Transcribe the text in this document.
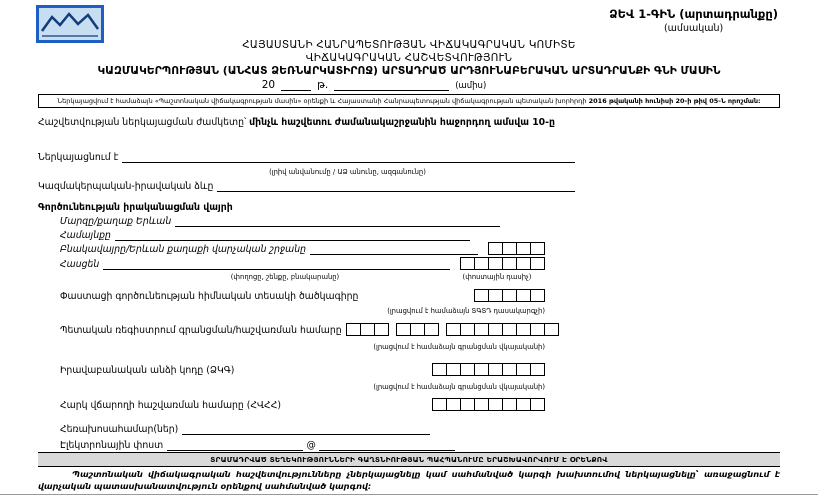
ՁԵՎ 1-ԳԻՆ (արտադրանքը)
(ամսական)
ՀԱՅԱՍՏԱՆԻ ՀԱՆՐԱՊԵՏՈՒԹՅԱՆ ՎԻՃԱԿԱԳՐԱԿԱՆ ԿՈՄԻՏԵ
ՎԻՃԱԿԱԳՐԱԿԱՆ ՀԱՇՎԵՏՎՈՒԹՅՈՒՆ
ԿԱԶՄԱԿԵՐՊՈՒԹՅԱՆ (ԱՆՀԱՏ ՁԵՌՆԱՐԿԱՏԻՐՈՋ) ԱՐՏԱԴՐԱԾ ԱՐԴՅՈՒՆԱԲԵՐԱԿԱՆ ԱՐՏԱԴՐԱՆՔԻ ԳՆԻ ՄԱՍԻՆ
20	թ.	(ամիս)
Ներկայացվում է համաձայն «Պաշտոնական վիճակագրության մասին» օրենքի և Հայաստանի Հանրապետության վիճակագրության պետական խորհրդի 2016 թվականի հունիսի 20-ի թիվ 05-Ն որոշման:
Հաշվետվության ներկայացման ժամկետը՝ մինչև հաշվետու ժամանակաշրջանին հաջորդող ամսվա 10-ը
Ներկայացնում է
(լրիվ անվանումը / ԱՁ անունը, ազգանունը)
Կազմակերպական-իրավական ձևը
Գործունեության իրականացման վայրի
Մարզը/քաղաք Երևան
Համայնքը
Բնակավայրը/Երևան քաղաքի վարչական շրջանը
Հասցեն
(փողոցը, շենքը, բնակարանը)	(փոստային դասիչ)
Փաստացի գործունեության հիմնական տեսակի ծածկագիրը
(լրացվում է համաձայն ՏԳՏԴ դասակարգչի)
Պետական ռեգիստրում գրանցման/հաշվառման համարը
(լրացվում է համաձայն գրանցման վկայականի)
Իրավաբանական անձի կոդը (ՁԿԳ)
(լրացվում է համաձայն գրանցման վկայականի)
Հարկ վճարողի հաշվառման համարը (ՀՎՀՀ)
Հեռախոսահամար(ներ)
Էլեկտրոնային փոստ	@
ՏՐԱՄԱԴՐՎԱԾ ՏԵՂԵԿՈՒԹՅՈՒՆՆԵՐԻ ԳԱՂՏՆԻՈՒԹՅԱՆ ՊԱՀՊԱՆՈՒՄԸ ԵՐԱՇԽԱՎՈՐՎՈՒՄ Է ՕՐԵՆՔՈՎ
Պաշտոնական վիճակագրական հաշվետվությունները չներկայացնելը կամ սահմանված կարգի խախտումով ներկայացնելը՝ առաջացնում է վարչական պատասխանատվություն օրենքով սահմանված կարգով:
